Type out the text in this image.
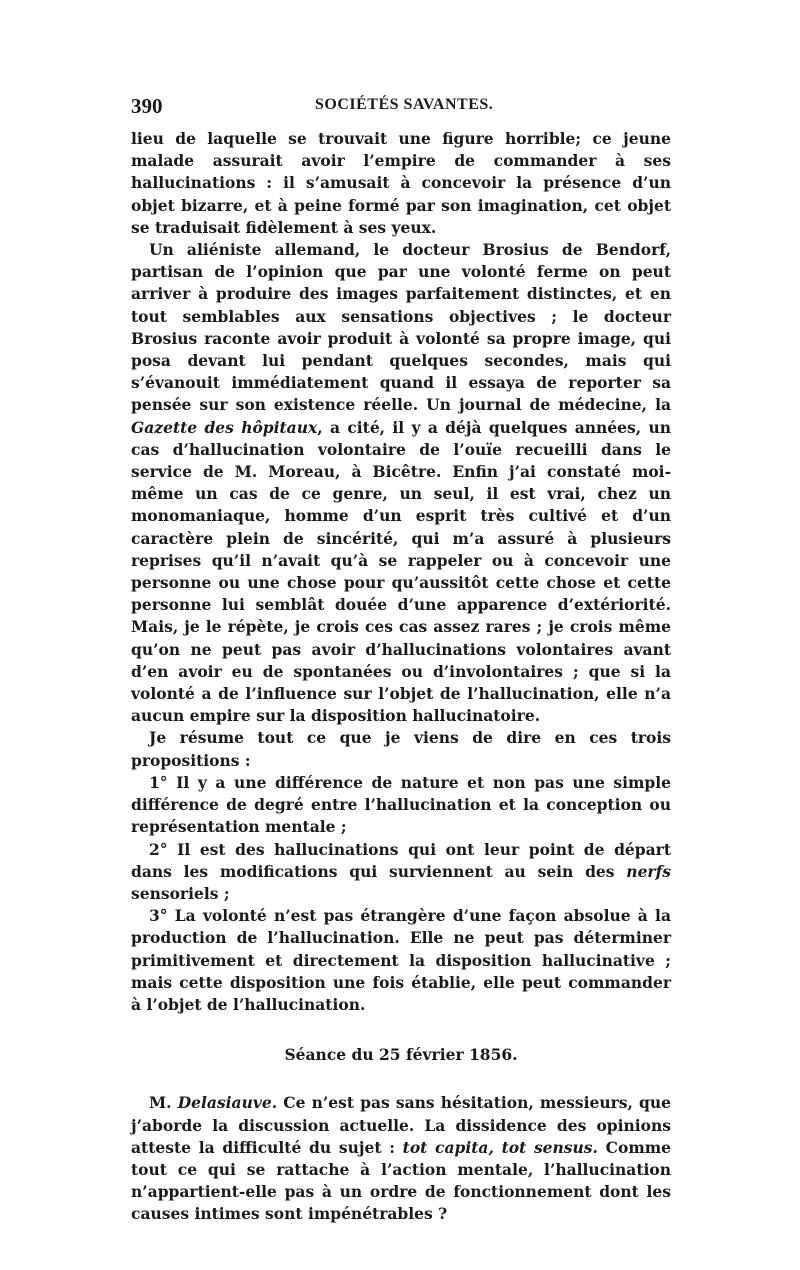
390	SOCIÉTÉS SAVANTES.

lieu de laquelle se trouvait une figure horrible; ce jeune malade assurait avoir l’empire de commander à ses hallucinations : il s’amusait à concevoir la présence d’un objet bizarre, et à peine formé par son imagination, cet objet se traduisait fidèlement à ses yeux.

Un aliéniste allemand, le docteur Brosius de Bendorf, partisan de l’opinion que par une volonté ferme on peut arriver à produire des images parfaitement distinctes, et en tout semblables aux sensations objectives ; le docteur Brosius raconte avoir produit à volonté sa propre image, qui posa devant lui pendant quelques secondes, mais qui s’évanouit immédiatement quand il essaya de reporter sa pensée sur son existence réelle. Un journal de médecine, la Gazette des hôpitaux, a cité, il y a déjà quelques années, un cas d’hallucination volontaire de l’ouïe recueilli dans le service de M. Moreau, à Bicêtre. Enfin j’ai constaté moi-même un cas de ce genre, un seul, il est vrai, chez un monomaniaque, homme d’un esprit très cultivé et d’un caractère plein de sincérité, qui m’a assuré à plusieurs reprises qu’il n’avait qu’à se rappeler ou à concevoir une personne ou une chose pour qu’aussitôt cette chose et cette personne lui semblât douée d’une apparence d’extériorité. Mais, je le répète, je crois ces cas assez rares ; je crois même qu’on ne peut pas avoir d’hallucinations volontaires avant d’en avoir eu de spontanées ou d’involontaires ; que si la volonté a de l’influence sur l’objet de l’hallucination, elle n’a aucun empire sur la disposition hallucinatoire.

Je résume tout ce que je viens de dire en ces trois propositions :

1° Il y a une différence de nature et non pas une simple différence de degré entre l’hallucination et la conception ou représentation mentale ;

2° Il est des hallucinations qui ont leur point de départ dans les modifications qui surviennent au sein des nerfs sensoriels ;

3° La volonté n’est pas étrangère d’une façon absolue à la production de l’hallucination. Elle ne peut pas déterminer primitivement et directement la disposition hallucinative ; mais cette disposition une fois établie, elle peut commander à l’objet de l’hallucination.

Séance du 25 février 1856.

M. Delasiauve. Ce n’est pas sans hésitation, messieurs, que j’aborde la discussion actuelle. La dissidence des opinions atteste la difficulté du sujet : tot capita, tot sensus. Comme tout ce qui se rattache à l’action mentale, l’hallucination n’appartient-elle pas à un ordre de fonctionnement dont les causes intimes sont impénétrables ?
